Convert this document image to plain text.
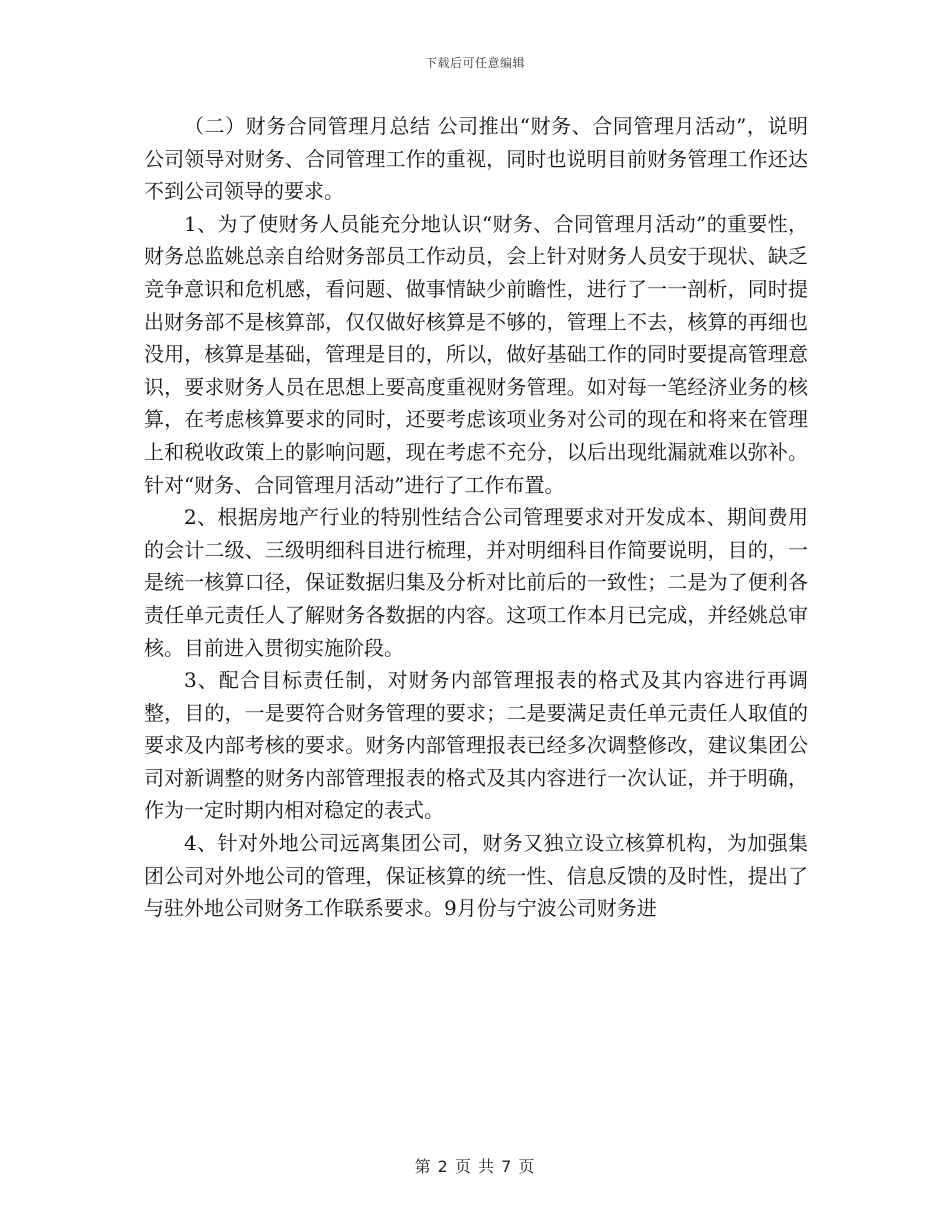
下载后可任意编辑

（二）财务合同管理月总结 公司推出“财务、合同管理月活动”，说明公司领导对财务、合同管理工作的重视，同时也说明目前财务管理工作还达不到公司领导的要求。

1、为了使财务人员能充分地认识“财务、合同管理月活动”的重要性，财务总监姚总亲自给财务部员工作动员，会上针对财务人员安于现状、缺乏竞争意识和危机感，看问题、做事情缺少前瞻性，进行了一一剖析，同时提出财务部不是核算部，仅仅做好核算是不够的，管理上不去，核算的再细也没用，核算是基础，管理是目的，所以，做好基础工作的同时要提高管理意识，要求财务人员在思想上要高度重视财务管理。如对每一笔经济业务的核算，在考虑核算要求的同时，还要考虑该项业务对公司的现在和将来在管理上和税收政策上的影响问题，现在考虑不充分，以后出现纰漏就难以弥补。针对“财务、合同管理月活动”进行了工作布置。

2、根据房地产行业的特别性结合公司管理要求对开发成本、期间费用的会计二级、三级明细科目进行梳理，并对明细科目作简要说明，目的，一是统一核算口径，保证数据归集及分析对比前后的一致性；二是为了便利各责任单元责任人了解财务各数据的内容。这项工作本月已完成，并经姚总审核。目前进入贯彻实施阶段。

3、配合目标责任制，对财务内部管理报表的格式及其内容进行再调整，目的，一是要符合财务管理的要求；二是要满足责任单元责任人取值的要求及内部考核的要求。财务内部管理报表已经多次调整修改，建议集团公司对新调整的财务内部管理报表的格式及其内容进行一次认证，并于明确，作为一定时期内相对稳定的表式。

4、针对外地公司远离集团公司，财务又独立设立核算机构，为加强集团公司对外地公司的管理，保证核算的统一性、信息反馈的及时性，提出了与驻外地公司财务工作联系要求。9月份与宁波公司财务进

第 2 页 共 7 页
